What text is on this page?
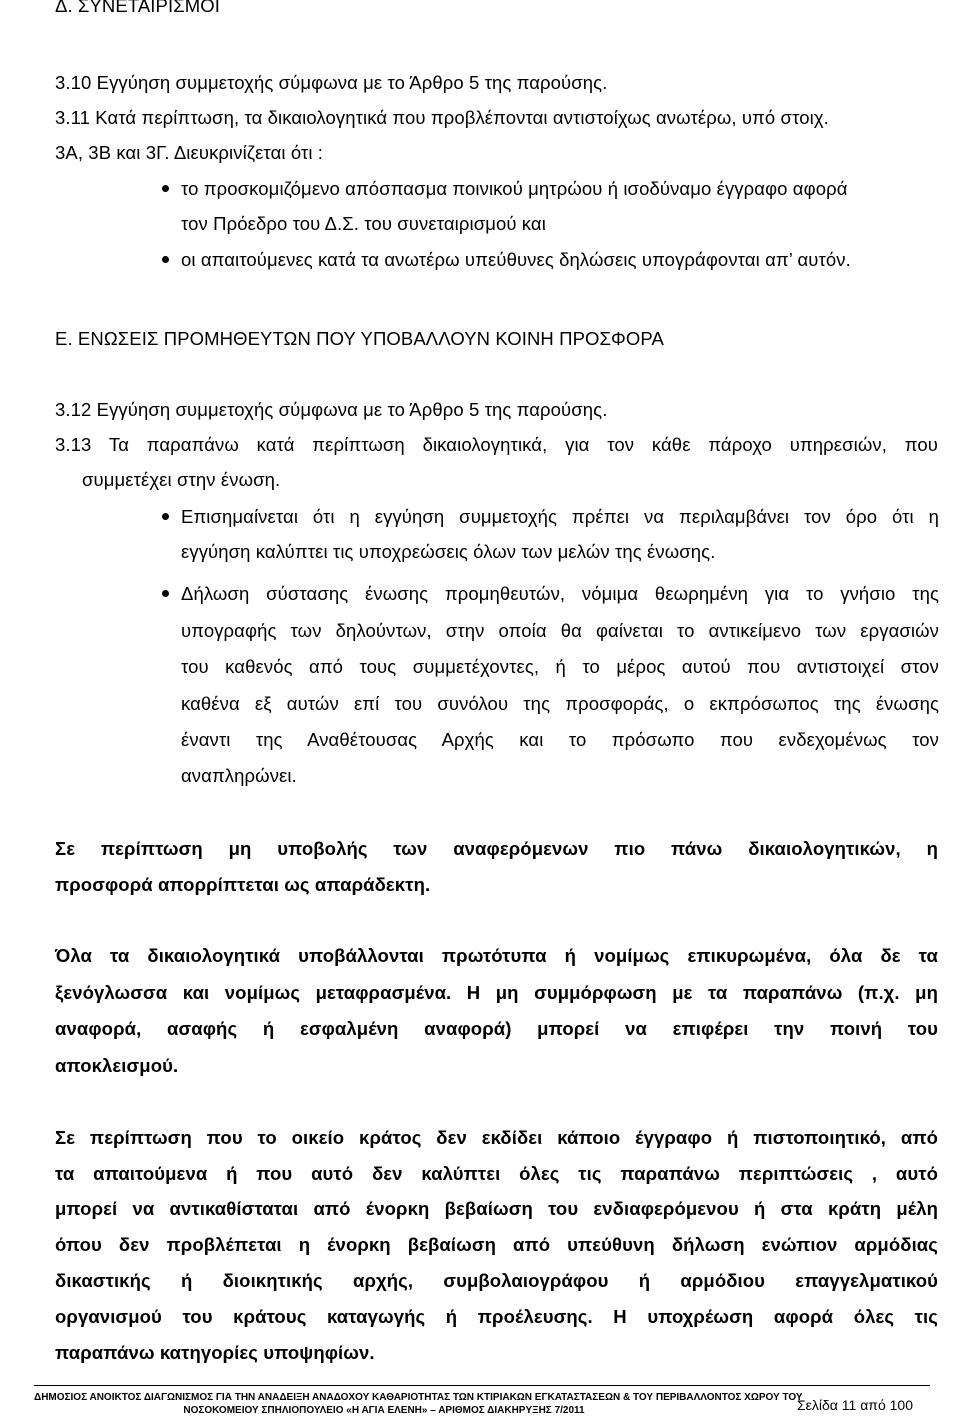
Δ. ΣΥΝΕΤΑΙΡΙΣΜΟΙ
3.10 Εγγύηση συμμετοχής σύμφωνα με το Άρθρο 5 της παρούσης.
3.11 Κατά περίπτωση, τα δικαιολογητικά που προβλέπονται αντιστοίχως ανωτέρω, υπό στοιχ.
3Α, 3Β και 3Γ. Διευκρινίζεται ότι :
το προσκομιζόμενο απόσπασμα ποινικού μητρώου ή ισοδύναμο έγγραφο αφορά
τον Πρόεδρο του Δ.Σ. του συνεταιρισμού και
οι απαιτούμενες κατά τα ανωτέρω υπεύθυνες δηλώσεις υπογράφονται απ’ αυτόν.
Ε. ΕΝΩΣΕΙΣ ΠΡΟΜΗΘΕΥΤΩΝ ΠΟΥ ΥΠΟΒΑΛΛΟΥΝ ΚΟΙΝΗ ΠΡΟΣΦΟΡΑ
3.12 Εγγύηση συμμετοχής σύμφωνα με το Άρθρο 5 της παρούσης.
3.13 Τα παραπάνω κατά περίπτωση δικαιολογητικά, για τον κάθε πάροχο υπηρεσιών, που
συμμετέχει στην ένωση.
Επισημαίνεται ότι η εγγύηση συμμετοχής πρέπει να περιλαμβάνει τον όρο ότι η
εγγύηση καλύπτει τις υποχρεώσεις όλων των μελών της ένωσης.
Δήλωση σύστασης ένωσης προμηθευτών, νόμιμα θεωρημένη για το γνήσιο της
υπογραφής των δηλούντων, στην οποία θα φαίνεται το αντικείμενο των εργασιών
του καθενός από τους συμμετέχοντες, ή το μέρος αυτού που αντιστοιχεί στον
καθένα εξ αυτών επί του συνόλου της προσφοράς, ο εκπρόσωπος της ένωσης
έναντι της Αναθέτουσας Αρχής και το πρόσωπο που ενδεχομένως τον
αναπληρώνει.
Σε περίπτωση μη υποβολής των αναφερόμενων πιο πάνω δικαιολογητικών, η
προσφορά απορρίπτεται ως απαράδεκτη.
Όλα τα δικαιολογητικά υποβάλλονται πρωτότυπα ή νομίμως επικυρωμένα, όλα δε τα
ξενόγλωσσα και νομίμως μεταφρασμένα. Η μη συμμόρφωση με τα παραπάνω (π.χ. μη
αναφορά, ασαφής ή εσφαλμένη αναφορά) μπορεί να επιφέρει την ποινή του
αποκλεισμού.
Σε περίπτωση που το οικείο κράτος δεν εκδίδει κάποιο έγγραφο ή πιστοποιητικό, από
τα απαιτούμενα ή που αυτό δεν καλύπτει όλες τις παραπάνω περιπτώσεις , αυτό
μπορεί να αντικαθίσταται από ένορκη βεβαίωση του ενδιαφερόμενου ή στα κράτη μέλη
όπου δεν προβλέπεται η ένορκη βεβαίωση από υπεύθυνη δήλωση ενώπιον αρμόδιας
δικαστικής ή διοικητικής αρχής, συμβολαιογράφου ή αρμόδιου επαγγελματικού
οργανισμού του κράτους καταγωγής ή προέλευσης. Η υποχρέωση αφορά όλες τις
παραπάνω κατηγορίες υποψηφίων.
ΔΗΜΟΣΙΟΣ ΑΝΟΙΚΤΟΣ ΔΙΑΓΩΝΙΣΜΟΣ ΓΙΑ ΤΗΝ ΑΝΑΔΕΙΞΗ ΑΝΑΔΟΧΟΥ ΚΑΘΑΡΙΟΤΗΤΑΣ ΤΩΝ ΚΤΙΡΙΑΚΩΝ ΕΓΚΑΤΑΣΤΑΣΕΩΝ & ΤΟΥ ΠΕΡΙΒΑΛΛΟΝΤΟΣ ΧΩΡΟΥ ΤΟΥ
ΝΟΣΟΚΟΜΕΙΟΥ ΣΠΗΛΙΟΠΟΥΛΕΙΟ «Η ΑΓΙΑ ΕΛΕΝΗ» – ΑΡΙΘΜΟΣ ΔΙΑΚΗΡΥΞΗΣ 7/2011	Σελίδα 11 από 100
